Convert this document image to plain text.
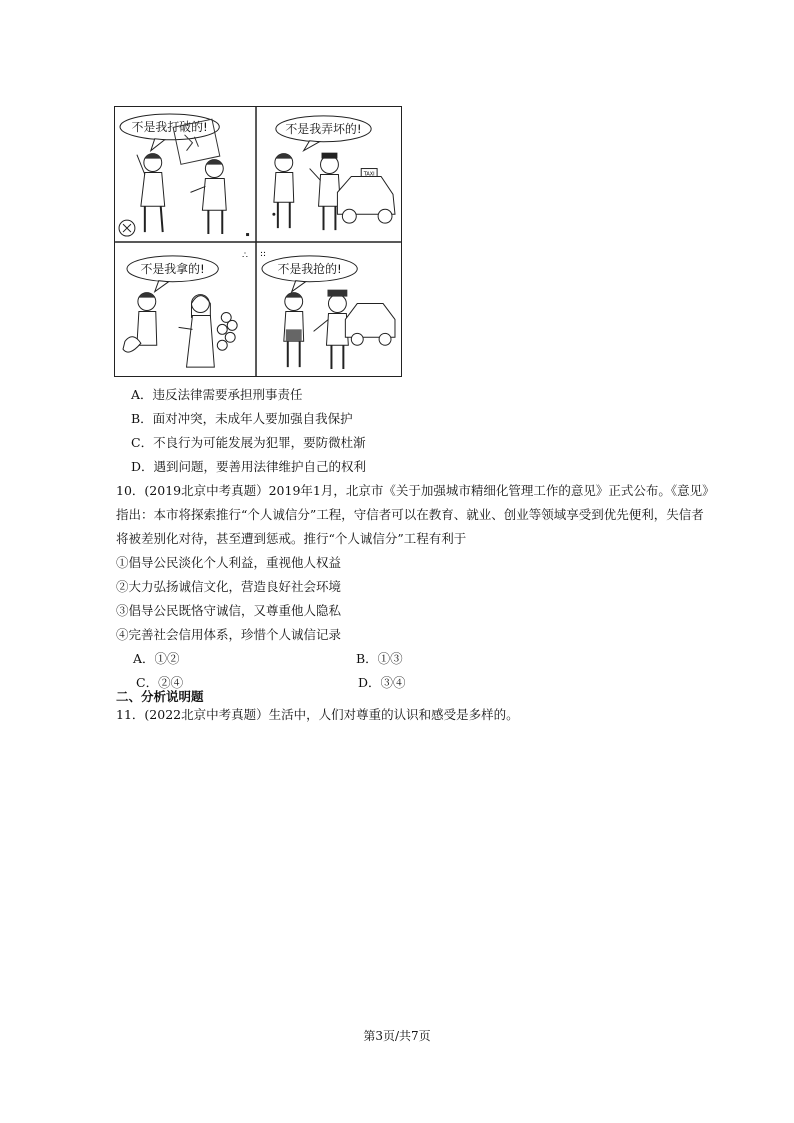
不是我打破的!	不是我弄坏的!
TAXI
∴
不是我拿的!
::
不是我抢的!
A．违反法律需要承担刑事责任
B．面对冲突，未成年人要加强自我保护
C．不良行为可能发展为犯罪，要防微杜渐
D．遇到问题，要善用法律维护自己的权利
10．(2019北京中考真题）2019年1月，北京市《关于加强城市精细化管理工作的意见》正式公布。《意见》
指出：本市将探索推行“个人诚信分”工程，守信者可以在教育、就业、创业等领域享受到优先便利，失信者
将被差别化对待，甚至遭到惩戒。推行“个人诚信分”工程有利于
①倡导公民淡化个人利益，重视他人权益
②大力弘扬诚信文化，营造良好社会环境
③倡导公民既恪守诚信，又尊重他人隐私
④完善社会信用体系，珍惜个人诚信记录
A．①②	B．①③
C．②④	D．③④
二、分析说明题
11．(2022北京中考真题）生活中，人们对尊重的认识和感受是多样的。
第3页/共7页
